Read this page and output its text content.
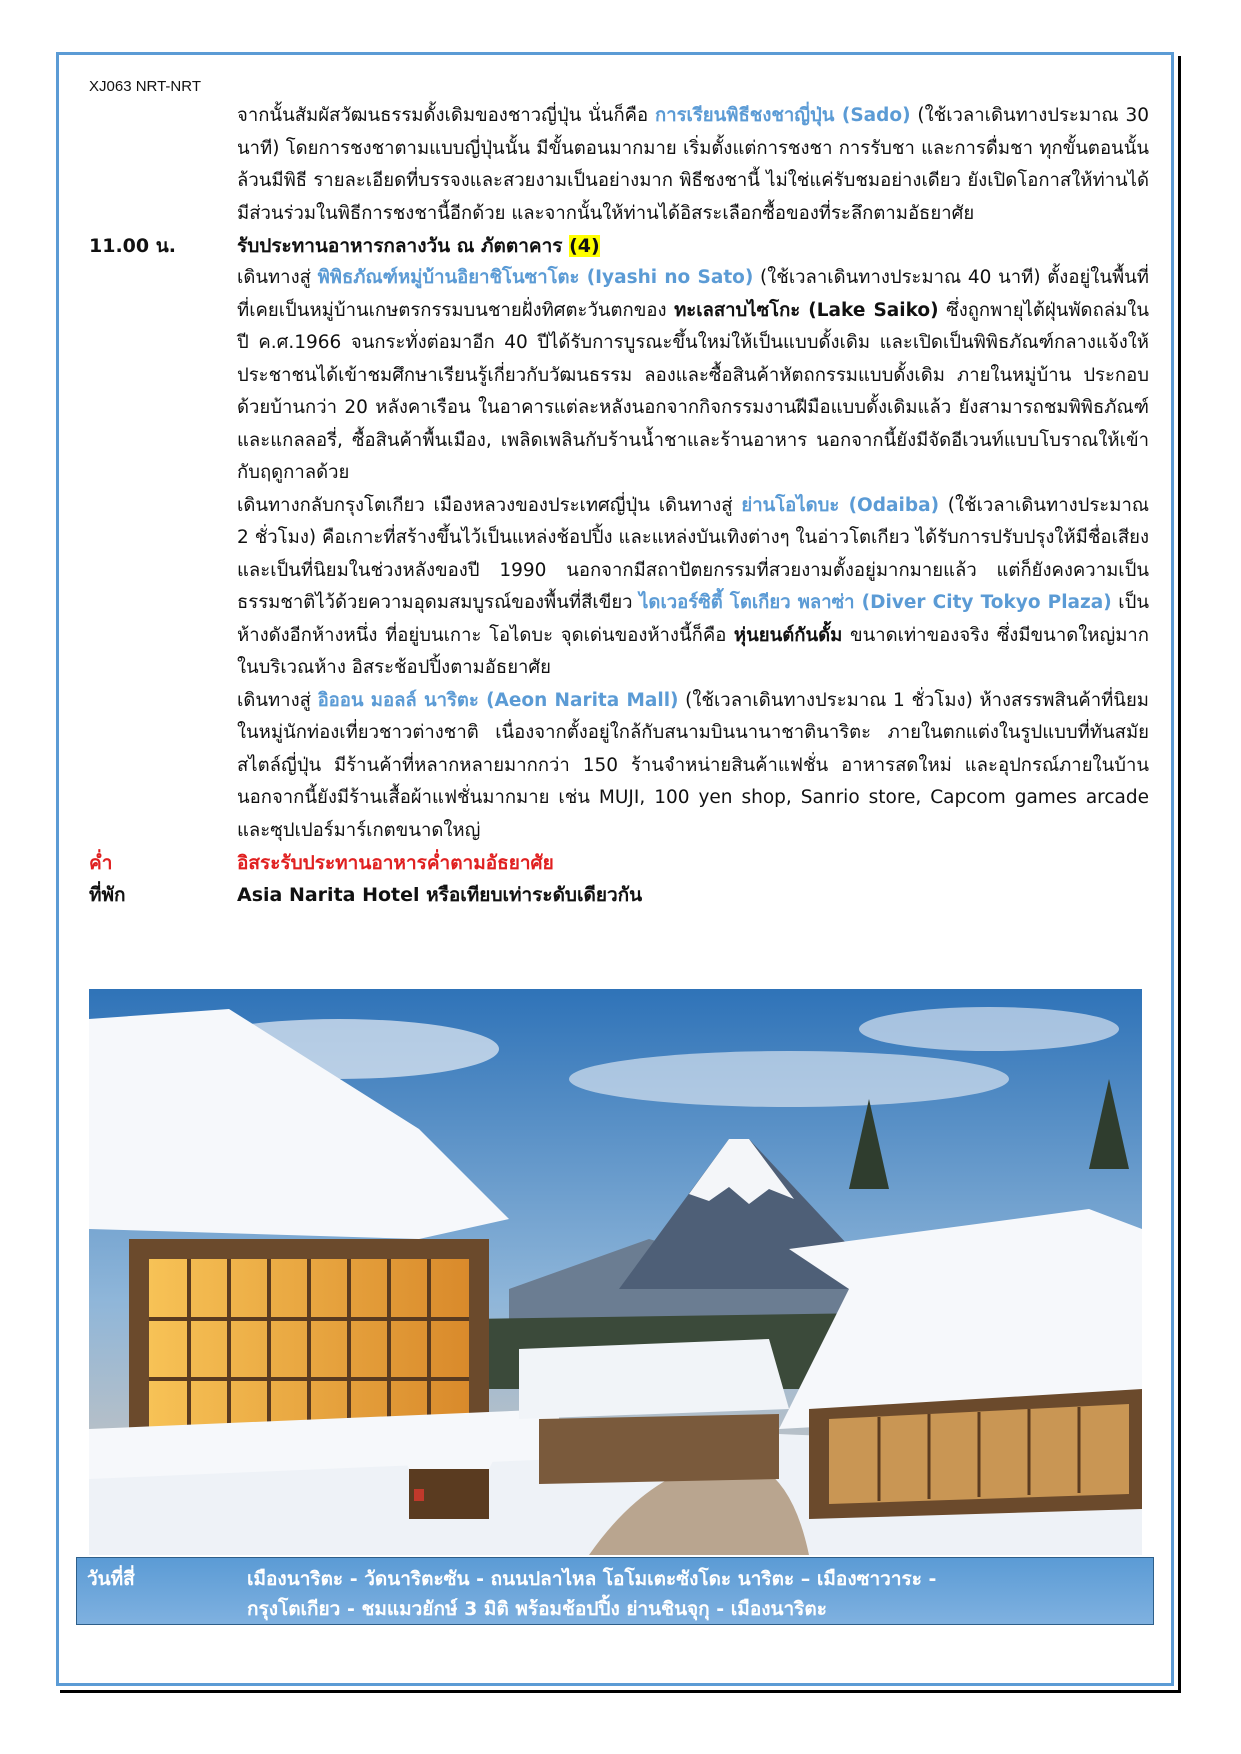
XJ063 NRT-NRT

จากนั้นสัมผัสวัฒนธรรมดั้งเดิมของชาวญี่ปุ่น นั่นก็คือ การเรียนพิธีชงชาญี่ปุ่น (Sado) (ใช้เวลาเดินทางประมาณ 30 นาที) โดยการชงชาตามแบบญี่ปุ่นนั้น มีขั้นตอนมากมาย เริ่มตั้งแต่การชงชา การรับชา และการดื่มชา ทุกขั้นตอนนั้นล้วนมีพิธี รายละเอียดที่บรรจงและสวยงามเป็นอย่างมาก พิธีชงชานี้ ไม่ใช่แค่รับชมอย่างเดียว ยังเปิดโอกาสให้ท่านได้มีส่วนร่วมในพิธีการชงชานี้อีกด้วย และจากนั้นให้ท่านได้อิสระเลือกซื้อของที่ระลึกตามอัธยาศัย

11.00 น.	รับประทานอาหารกลางวัน ณ ภัตตาคาร (4)

เดินทางสู่ พิพิธภัณฑ์หมู่บ้านอิยาชิโนซาโตะ (Iyashi no Sato) (ใช้เวลาเดินทางประมาณ 40 นาที) ตั้งอยู่ในพื้นที่ที่เคยเป็นหมู่บ้านเกษตรกรรมบนชายฝั่งทิศตะวันตกของ ทะเลสาบไซโกะ (Lake Saiko) ซึ่งถูกพายุไต้ฝุ่นพัดถล่มในปี ค.ศ.1966 จนกระทั่งต่อมาอีก 40 ปีได้รับการบูรณะขึ้นใหม่ให้เป็นแบบดั้งเดิม และเปิดเป็นพิพิธภัณฑ์กลางแจ้งให้ ประชาชนได้เข้าชมศึกษาเรียนรู้เกี่ยวกับวัฒนธรรม ลองและซื้อสินค้าหัตถกรรมแบบดั้งเดิม ภายในหมู่บ้าน ประกอบด้วยบ้านกว่า 20 หลังคาเรือน ในอาคารแต่ละหลังนอกจากกิจกรรมงานฝีมือแบบดั้งเดิมแล้ว ยังสามารถชมพิพิธภัณฑ์และแกลลอรี่, ซื้อสินค้าพื้นเมือง, เพลิดเพลินกับร้านน้ำชาและร้านอาหาร นอกจากนี้ยังมีจัดอีเวนท์แบบโบราณให้เข้ากับฤดูกาลด้วย

เดินทางกลับกรุงโตเกียว เมืองหลวงของประเทศญี่ปุ่น เดินทางสู่ ย่านโอไดบะ (Odaiba) (ใช้เวลาเดินทางประมาณ 2 ชั่วโมง) คือเกาะที่สร้างขึ้นไว้เป็นแหล่งช้อปปิ้ง และแหล่งบันเทิงต่างๆ ในอ่าวโตเกียว ได้รับการปรับปรุงให้มีชื่อเสียงและเป็นที่นิยมในช่วงหลังของปี 1990 นอกจากมีสถาปัตยกรรมที่สวยงามตั้งอยู่มากมายแล้ว แต่ก็ยังคงความเป็นธรรมชาติไว้ด้วยความอุดมสมบูรณ์ของพื้นที่สีเขียว ไดเวอร์ซิตี้ โตเกียว พลาซ่า (Diver City Tokyo Plaza) เป็นห้างดังอีกห้างหนึ่ง ที่อยู่บนเกาะ โอไดบะ จุดเด่นของห้างนี้ก็คือ หุ่นยนต์กันดั้ม ขนาดเท่าของจริง ซึ่งมีขนาดใหญ่มาก ในบริเวณห้าง อิสระช้อปปิ้งตามอัธยาศัย

เดินทางสู่ อิออน มอลล์ นาริตะ (Aeon Narita Mall) (ใช้เวลาเดินทางประมาณ 1 ชั่วโมง) ห้างสรรพสินค้าที่นิยมในหมู่นักท่องเที่ยวชาวต่างชาติ เนื่องจากตั้งอยู่ใกล้กับสนามบินนานาชาตินาริตะ ภายในตกแต่งในรูปแบบที่ทันสมัยสไตล์ญี่ปุ่น มีร้านค้าที่หลากหลายมากกว่า 150 ร้านจำหน่ายสินค้าแฟชั่น อาหารสดใหม่ และอุปกรณ์ภายในบ้าน นอกจากนี้ยังมีร้านเสื้อผ้าแฟชั่นมากมาย เช่น MUJI, 100 yen shop, Sanrio store, Capcom games arcade และซุปเปอร์มาร์เกตขนาดใหญ่

ค่ำ	อิสระรับประทานอาหารค่ำตามอัธยาศัย
ที่พัก	Asia Narita Hotel หรือเทียบเท่าระดับเดียวกัน
วันที่สี่	เมืองนาริตะ - วัดนาริตะซัน - ถนนปลาไหล โอโมเตะซังโดะ นาริตะ – เมืองซาวาระ -
กรุงโตเกียว - ชมแมวยักษ์ 3 มิติ พร้อมช้อปปิ้ง ย่านชินจุกุ - เมืองนาริตะ
